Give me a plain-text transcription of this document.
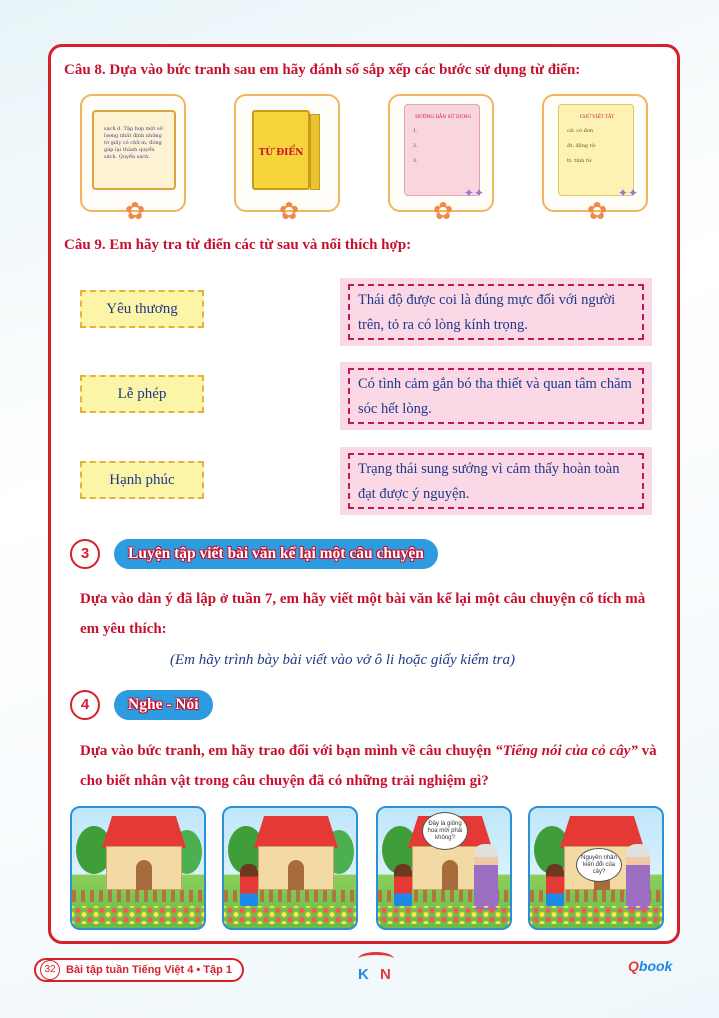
Câu 8. Dựa vào bức tranh sau em hãy đánh số sắp xếp các bước sử dụng từ điển:
sách d. Tập hợp một số lượng nhất định những tờ giấy có chữ in, đóng gáp lại thành quyển sách. Quyển sách.
✿
TỪ ĐIỂN
✿
HƯỚNG DẪN SỬ DỤNG
1.
2.
3.
✦✦
✿
CHỮ VIẾT TẮT
cd: có đơn
đt: động từ
tt: tính từ
✦✦
✿
Câu 9. Em hãy tra từ điển các từ sau và nối thích hợp:
Yêu thương
Thái độ được coi là đúng mực đối với người trên, tỏ ra có lòng kính trọng.
Lễ phép
Có tình cảm gắn bó tha thiết và quan tâm chăm sóc hết lòng.
Hạnh phúc
Trạng thái sung sướng vì cảm thấy hoàn toàn đạt được ý nguyện.
3	Luyện tập viết bài văn kể lại một câu chuyện
Dựa vào dàn ý đã lập ở tuần 7, em hãy viết một bài văn kể lại một câu chuyện cổ tích mà em yêu thích:
(Em hãy trình bày bài viết vào vở ô li hoặc giấy kiểm tra)
4	Nghe - Nói
Dựa vào bức tranh, em hãy trao đổi với bạn mình về câu chuyện “Tiếng nói của cỏ cây” và cho biết nhân vật trong câu chuyện đã có những trải nghiệm gì?
Đây là giống hoa mới phải không?
Nguyên nhân kiến đổi của cây?
32 Bài tập tuần Tiếng Việt 4 • Tập 1	K N	Qbook
